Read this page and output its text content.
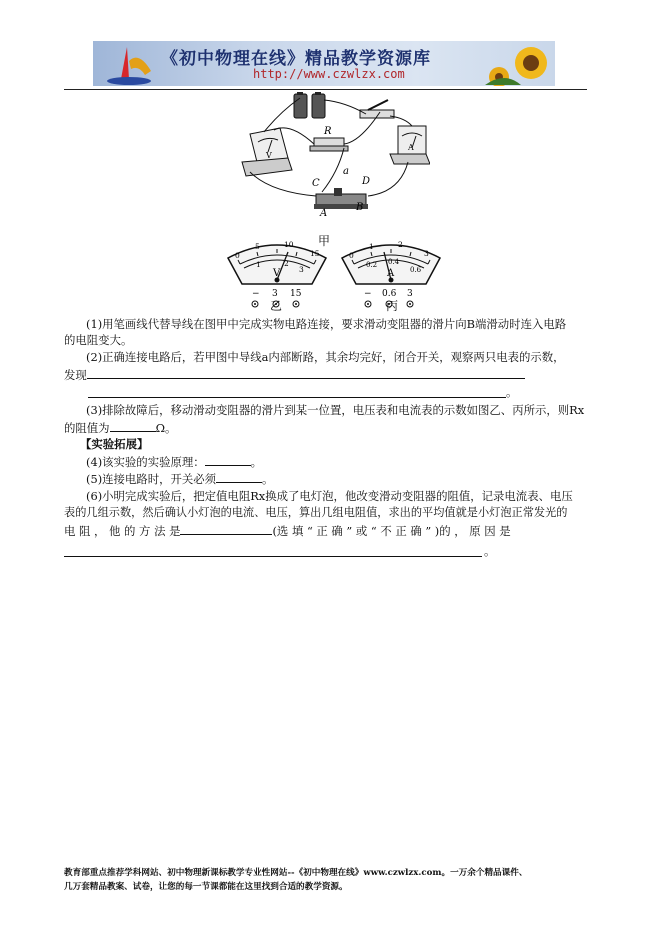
《初中物理在线》精品教学资源库
http://www.czwlzx.com
V
A
R
a
C	D
A
B
甲
0
5	10
15
1	2
3
V
− 3 15
乙
0
1	2
3
0.2 0.4
0.6
A
− 0.6 3
丙
(1)用笔画线代替导线在图甲中完成实物电路连接，要求滑动变阻器的滑片向B端滑动时连入电路
的电阻变大。
(2)正确连接电路后，若甲图中导线a内部断路，其余均完好，闭合开关，观察两只电表的示数，
发现
。
(3)排除故障后，移动滑动变阻器的滑片到某一位置，电压表和电流表的示数如图乙、丙所示，则Rx
的阻值为	Ω。
【实验拓展】
(4)该实验的实验原理：	。
(5)连接电路时，开关必须	。
(6)小明完成实验后，把定值电阻Rx换成了电灯泡，他改变滑动变阻器的阻值，记录电流表、电压
表的几组示数，然后确认小灯泡的电流、电压，算出几组电阻值，求出的平均值就是小灯泡正常发光的
电 阻 ， 他 的 方 法 是	(选 填 “ 正 确 ” 或 “ 不 正 确 ” )的 ， 原 因 是
。
教育部重点推荐学科网站、初中物理新课标教学专业性网站--《初中物理在线》www.czwlzx.com。一万余个精品课件、
几万套精品教案、试卷，让您的每一节课都能在这里找到合适的教学资源。
